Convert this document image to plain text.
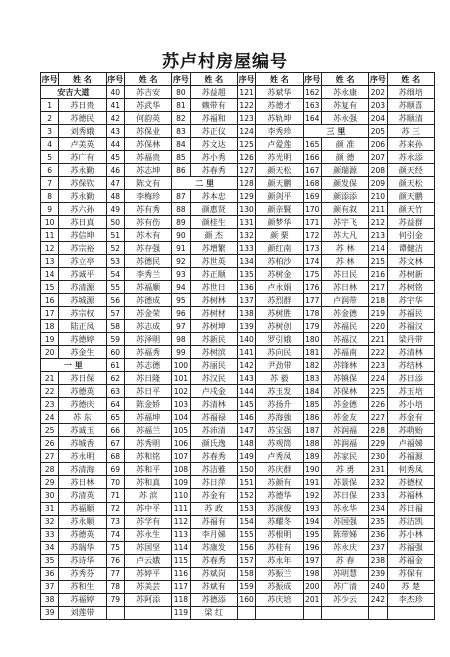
苏卢村房屋编号
序号	姓 名	序号	姓 名	序号	姓 名	序号	姓 名	序号	姓 名	序号	姓 名
安吉大道		40	苏吉安	80	苏益超	121	苏斌华	162	苏永康	202	苏细培
1	苏日贵	41	苏武华	81	赖带有	122	苏德才	163	苏复有	203	苏顺喜
2	苏德民	42	何韵英	82	苏福和	123	苏轨坤	164	苏永强	204	苏顺清
3	刘秀娥	43	苏保业	83	苏正仪	124	李秀珍	三 里		205	苏 三
4	卢美英	44	苏保林	84	苏文达	125	卢爱莲	165	颜 准	206	苏来孙
5	苏广有	45	苏福贵	85	苏小秀	126	苏光明	166	颜 德	207	苏永添
6	苏永勤	46	苏志坤	86	苏春秀	127	颜天松	167	颜瑞源	208	颜天经
7	苏保钦	47	陈文有	二 里		128	颜天鹏	168	颜发保	209	颜天松
8	苏永勤	48	李梅珍	87	苏本忠	129	颜剑平	169	颜添添	210	颜天鹏
9	苏六孙	49	苏有秀	88	颜惠贤	130	颜亲賢	170	颜有叙	211	颜天竹
10	苏日真	50	苏有伤	89	颜桂生	131	颜梦华	171	苏宇飞	212	苏益群
11	苏信坤	51	苏木有	90	颜 杰	132	颜 栗	172	苏大凡	213	何引金
12	苏宗裕	52	苏存强	91	苏增繁	133	颜红南	173	苏 林	214	谭健洁
13	苏立亭	53	苏德民	92	苏世英	134	苏柏沙	174	苏 林	215	苏文林
14	苏诚平	54	李秀兰	93	苏正顺	135	苏树金	175	苏日民	216	苏树新
15	苏清源	55	苏福顺	94	苏世日	136	卢永娟	176	苏日林	217	苏树铭
16	苏城源	56	苏德成	95	苏树林	137	苏烈群	177	卢润带	218	苏宇华
17	苏宗权	57	苏金荣	96	苏树材	138	苏树胜	178	苏金德	219	苏福民
18	陆正凤	58	苏志成	97	苏树坤	139	苏树创	179	苏福民	220	苏福汉
19	苏德婷	59	苏泽明	98	苏新民	140	罗引娥	180	苏福汉	221	梁丹带
20	苏金生	60	苏福秀	99	苏树滨	141	苏向民	181	苏福南	222	苏清林
一 里		61	苏志德	100	苏丽民	142	尹劲带	182	苏锋林	223	苏结林
21	苏日保	62	苏日隆	101	苏汉民	143	苏 毅	183	苏镇保	224	苏日添
22	苏德英	63	苏日平	102	卢戌金	144	苏玉发	184	苏保林	225	苏玉培
23	苏德庆	64	陈金娇	103	苏清林	145	苏扬升	185	苏金德	226	苏小培
24	苏 东	65	苏福坤	104	苏福禄	146	苏海強	186	苏金友	227	苏金有
25	苏诚玉	66	苏福兰	105	苏沛清	147	苏宝强	187	苏润福	228	苏萌贻
26	苏城香	67	苏秀明	106	颜氏逸	148	苏观筒	188	苏润福	229	卢福娣
27	苏永明	68	苏和铭	107	苏春秀	149	卢秀凤	189	苏家民	230	苏福源
28	苏清海	69	苏和平	108	苏洁雅	150	苏庆群	190	苏 勇	231	何秀凤
29	苏日林	70	苏和真	109	苏日萍	151	苏颜有	191	苏景保	232	苏德权
30	苏清英	71	苏 滨	110	苏金有	152	苏德华	192	苏日保	233	苏福林
31	苏福顺	72	苏中平	111	苏 政	153	苏演俊	193	苏永华	234	苏日福
32	苏永顺	73	苏学有	112	苏福有	154	苏耀冬	194	苏国强	235	苏洁凯
33	苏德英	74	苏永生	113	李月娣	155	苏根明	195	陈带娣	236	苏小林
34	苏瑞华	75	苏国坚	114	苏康发	156	苏桂有	196	苏永庆	237	苏福强
35	苏诗华	76	卢云娥	115	苏春秀	157	苏永年	197	苏 春	238	苏福金
36	苏秀芬	77	苏婷平	116	苏斌岗	158	苏振兰	198	苏明慧	239	苏保有
37	苏和生	78	苏美芸	117	苏斌有	159	苏振成	200	苏广清	240	苏 楚
38	苏福婷	79	苏阿添	118	苏德添	160	苏庆培	201	苏少云	242	李杰珍
39	刘莲带			119	梁 红						
